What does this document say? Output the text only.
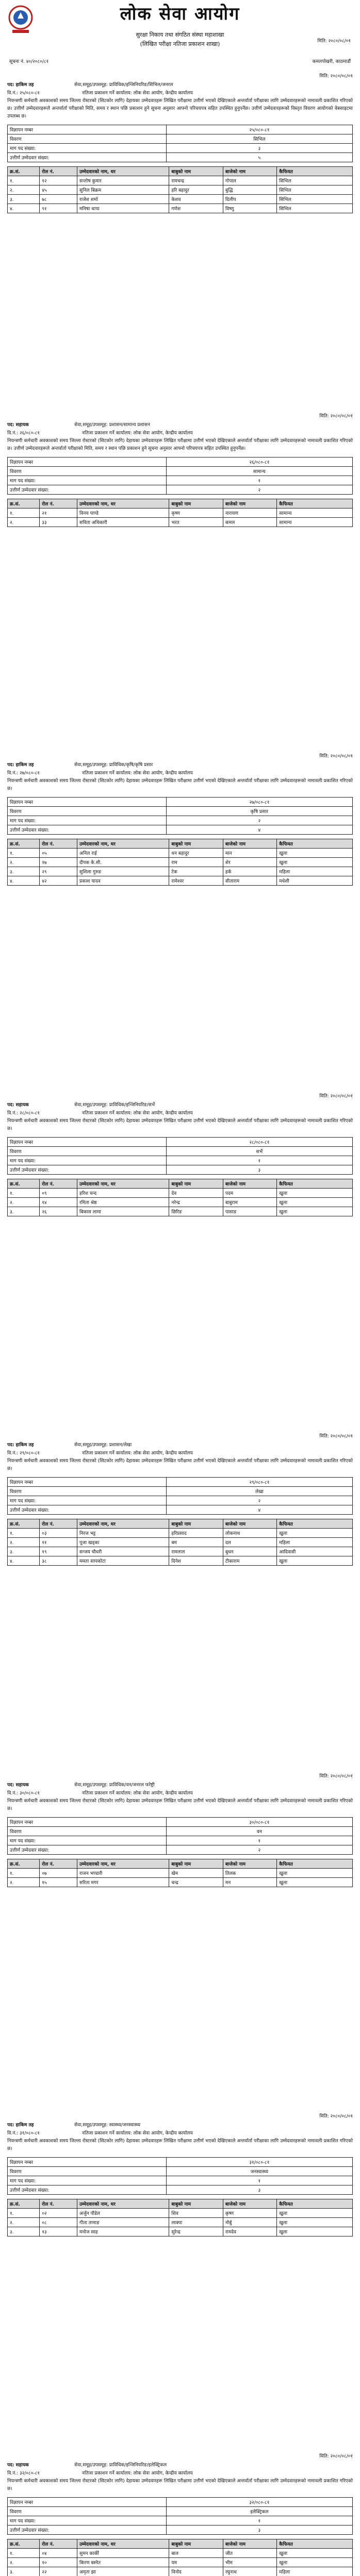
लोक सेवा आयोग
सुरक्षा निकाय तथा संगठित संस्था महाशाखा
(लिखित परीक्षा नतिजा प्रकाशन शाखा)	मिति: २०८०/०८/०१
सूचना नं. ४०/२०८०/८१	कमलपोखरी, काठमाडौं
मिति: २०८०/०८/०१
पद: हाकिम तह	सेवा,समूह/उपसमूह: प्राविधिक/इन्जिनियरिङ/सिभिल/जनरल
वि.नं.: २५/०८०-८१	नतिजा प्रकाशन गर्ने कार्यालय: लोक सेवा आयोग, केन्द्रीय कार्यालय
नियन्त्रणी कर्मचारी अवकाशको समय जिल्ला रोस्टरको (सिटकोर लागि) देहायका उम्मेदवारहरू लिखित परीक्षामा उत्तीर्ण भएको देखिएकाले अन्तर्वार्ता परीक्षाका लागि उम्मेदवारहरूको नामावली प्रकाशित गरिएको छ। उत्तीर्ण उम्मेदवारहरूले अन्तर्वार्ता परीक्षाको मिति, समय र स्थान पछि प्रकाशन हुने सूचना अनुसार आफ्नो परिचयपत्र सहित उपस्थित हुनुपर्नेछ। उत्तीर्ण उम्मेदवारहरूको विस्तृत विवरण आयोगको वेबसाइटमा उपलब्ध छ।
विज्ञापन नम्बर	२५/०८०-८१
विवरण	सिभिल
माग पद संख्या:	३
उत्तीर्ण उम्मेदवार संख्या:	५
क्र.सं.	रोल नं.	उम्मेदवारको नाम, थर	बाबुको नाम	बाजेको नाम	कैफियत
१.	१२	सन्तोष कुमार	रामचन्द्र	गोपाल	सिभिल
२.	४५	सुनिल बिक्रम	हरि बहादुर	बुद्धि	सिभिल
३.	७८	राजेश शर्मा	केशव	दिलीप	सिभिल
४.	९१	मनिषा थापा	गणेश	विष्णु	सिभिल
मिति: २०८०/०८/०१
पद: सहायक	सेवा,समूह/उपसमूह: प्रशासन/सामान्य प्रशासन
वि.नं.: २६/०८०-८१	नतिजा प्रकाशन गर्ने कार्यालय: लोक सेवा आयोग, केन्द्रीय कार्यालय
नियन्त्रणी कर्मचारी अवकाशको समय जिल्ला रोस्टरको (सिटकोर लागि) देहायका उम्मेदवारहरू लिखित परीक्षामा उत्तीर्ण भएको देखिएकाले अन्तर्वार्ता परीक्षाका लागि उम्मेदवारहरूको नामावली प्रकाशित गरिएको छ। उत्तीर्ण उम्मेदवारहरूले अन्तर्वार्ता परीक्षाको मिति, समय र स्थान पछि प्रकाशन हुने सूचना अनुसार आफ्नो परिचयपत्र सहित उपस्थित हुनुपर्नेछ।
विज्ञापन नम्बर	२६/०८०-८१
विवरण	सामान्य
माग पद संख्या:	१
उत्तीर्ण उम्मेदवार संख्या:	२
क्र.सं.	रोल नं.	उम्मेदवारको नाम, थर	बाबुको नाम	बाजेको नाम	कैफियत
१.	२१	विनय पाण्डे	कृष्ण	नारायण	सामान्य
२.	३३	सविता अधिकारी	भरत	कमल	सामान्य
मिति: २०८०/०८/०१
पद: हाकिम तह	सेवा,समूह/उपसमूह: प्राविधिक/कृषि/कृषि प्रसार
वि.नं.: २७/०८०-८१	नतिजा प्रकाशन गर्ने कार्यालय: लोक सेवा आयोग, केन्द्रीय कार्यालय
नियन्त्रणी कर्मचारी अवकाशको समय जिल्ला रोस्टरको (सिटकोर लागि) देहायका उम्मेदवारहरू लिखित परीक्षामा उत्तीर्ण भएको देखिएकाले अन्तर्वार्ता परीक्षाका लागि उम्मेदवारहरूको नामावली प्रकाशित गरिएको छ।
विज्ञापन नम्बर	२७/०८०-८१
विवरण	कृषि प्रसार
माग पद संख्या:	२
उत्तीर्ण उम्मेदवार संख्या:	४
क्र.सं.	रोल नं.	उम्मेदवारको नाम, थर	बाबुको नाम	बाजेको नाम	कैफियत
१.	०५	अनिल राई	धन बहादुर	मान	खुला
२.	१७	दीपक के.सी.	राम	शेर	खुला
३.	२९	सुशिला गुरुङ	टेक	हर्क	महिला
४.	४२	प्रकाश यादव	रामेश्वर	सीताराम	मधेशी
मिति: २०८०/०८/०१
पद: सहायक	सेवा,समूह/उपसमूह: प्राविधिक/इन्जिनियरिङ/सर्भे
वि.नं.: २८/०८०-८१	नतिजा प्रकाशन गर्ने कार्यालय: लोक सेवा आयोग, केन्द्रीय कार्यालय
नियन्त्रणी कर्मचारी अवकाशको समय जिल्ला रोस्टरको (सिटकोर लागि) देहायका उम्मेदवारहरू लिखित परीक्षामा उत्तीर्ण भएको देखिएकाले अन्तर्वार्ता परीक्षाका लागि उम्मेदवारहरूको नामावली प्रकाशित गरिएको छ।
विज्ञापन नम्बर	२८/०८०-८१
विवरण	सर्भे
माग पद संख्या:	१
उत्तीर्ण उम्मेदवार संख्या:	३
क्र.सं.	रोल नं.	उम्मेदवारको नाम, थर	बाबुको नाम	बाजेको नाम	कैफियत
१.	०९	हरिश चन्द	देव	पदम	खुला
२.	१४	रमिता श्रेष्ठ	नरेन्द्र	बाबुराम	खुला
३.	२६	बिकास लामा	छिरिङ	पासाङ	खुला
मिति: २०८०/०८/०१
पद: हाकिम तह	सेवा,समूह/उपसमूह: प्रशासन/लेखा
वि.नं.: २९/०८०-८१	नतिजा प्रकाशन गर्ने कार्यालय: लोक सेवा आयोग, केन्द्रीय कार्यालय
नियन्त्रणी कर्मचारी अवकाशको समय जिल्ला रोस्टरको (सिटकोर लागि) देहायका उम्मेदवारहरू लिखित परीक्षामा उत्तीर्ण भएको देखिएकाले अन्तर्वार्ता परीक्षाका लागि उम्मेदवारहरूको नामावली प्रकाशित गरिएको छ।
विज्ञापन नम्बर	२९/०८०-८१
विवरण	लेखा
माग पद संख्या:	२
उत्तीर्ण उम्मेदवार संख्या:	४
क्र.सं.	रोल नं.	उम्मेदवारको नाम, थर	बाबुको नाम	बाजेको नाम	कैफियत
१.	०३	निरज भट्ट	हरिप्रसाद	लोकनाथ	खुला
२.	११	पूजा खड्का	बम	दल	महिला
३.	१९	सन्जय चौधरी	रामलाल	बुधन	आदिवासी
४.	३८	ममता सापकोटा	दिनेश	टीकाराम	खुला
मिति: २०८०/०८/०१
पद: सहायक	सेवा,समूह/उपसमूह: प्राविधिक/वन/जनरल फरेष्ट्री
वि.नं.: ३०/०८०-८१	नतिजा प्रकाशन गर्ने कार्यालय: लोक सेवा आयोग, केन्द्रीय कार्यालय
नियन्त्रणी कर्मचारी अवकाशको समय जिल्ला रोस्टरको (सिटकोर लागि) देहायका उम्मेदवारहरू लिखित परीक्षामा उत्तीर्ण भएको देखिएकाले अन्तर्वार्ता परीक्षाका लागि उम्मेदवारहरूको नामावली प्रकाशित गरिएको छ।
विज्ञापन नम्बर	३०/०८०-८१
विवरण	वन
माग पद संख्या:	१
उत्तीर्ण उम्मेदवार संख्या:	२
क्र.सं.	रोल नं.	उम्मेदवारको नाम, थर	बाबुको नाम	बाजेको नाम	कैफियत
१.	०७	राजन भण्डारी	खेम	तिलक	खुला
२.	१५	सरिता मगर	चन्द्र	मन	खुला
मिति: २०८०/०८/०१
पद: हाकिम तह	सेवा,समूह/उपसमूह: स्वास्थ्य/जनस्वास्थ्य
वि.नं.: ३१/०८०-८१	नतिजा प्रकाशन गर्ने कार्यालय: लोक सेवा आयोग, केन्द्रीय कार्यालय
नियन्त्रणी कर्मचारी अवकाशको समय जिल्ला रोस्टरको (सिटकोर लागि) देहायका उम्मेदवारहरू लिखित परीक्षामा उत्तीर्ण भएको देखिएकाले अन्तर्वार्ता परीक्षाका लागि उम्मेदवारहरूको नामावली प्रकाशित गरिएको छ।
विज्ञापन नम्बर	३१/०८०-८१
विवरण	जनस्वास्थ्य
माग पद संख्या:	१
उत्तीर्ण उम्मेदवार संख्या:	३
क्र.सं.	रोल नं.	उम्मेदवारको नाम, थर	बाबुको नाम	बाजेको नाम	कैफियत
१.	०२	अर्जुन पौडेल	शिव	कृष्ण	खुला
२.	०८	गीता तामाङ	लाक्पा	नोर्बु	खुला
३.	१३	मनोज साह	सुरेन्द्र	रामदेव	खुला
मिति: २०८०/०८/०१
पद: सहायक	सेवा,समूह/उपसमूह: प्राविधिक/इन्जिनियरिङ/इलेक्ट्रिकल
वि.नं.: ३२/०८०-८१	नतिजा प्रकाशन गर्ने कार्यालय: लोक सेवा आयोग, केन्द्रीय कार्यालय
नियन्त्रणी कर्मचारी अवकाशको समय जिल्ला रोस्टरको (सिटकोर लागि) देहायका उम्मेदवारहरू लिखित परीक्षामा उत्तीर्ण भएको देखिएकाले अन्तर्वार्ता परीक्षाका लागि उम्मेदवारहरूको नामावली प्रकाशित गरिएको छ।
विज्ञापन नम्बर	३२/०८०-८१
विवरण	इलेक्ट्रिकल
माग पद संख्या:	१
उत्तीर्ण उम्मेदवार संख्या:	३
क्र.सं.	रोल नं.	उम्मेदवारको नाम, थर	बाबुको नाम	बाजेको नाम	कैफियत
१.	०४	सुमन कार्की	बाल	जीत	खुला
२.	१०	किरण बस्नेत	यम	भीम	खुला
३.	२२	अमृता झा	विनोद	रघुनाथ	महिला
